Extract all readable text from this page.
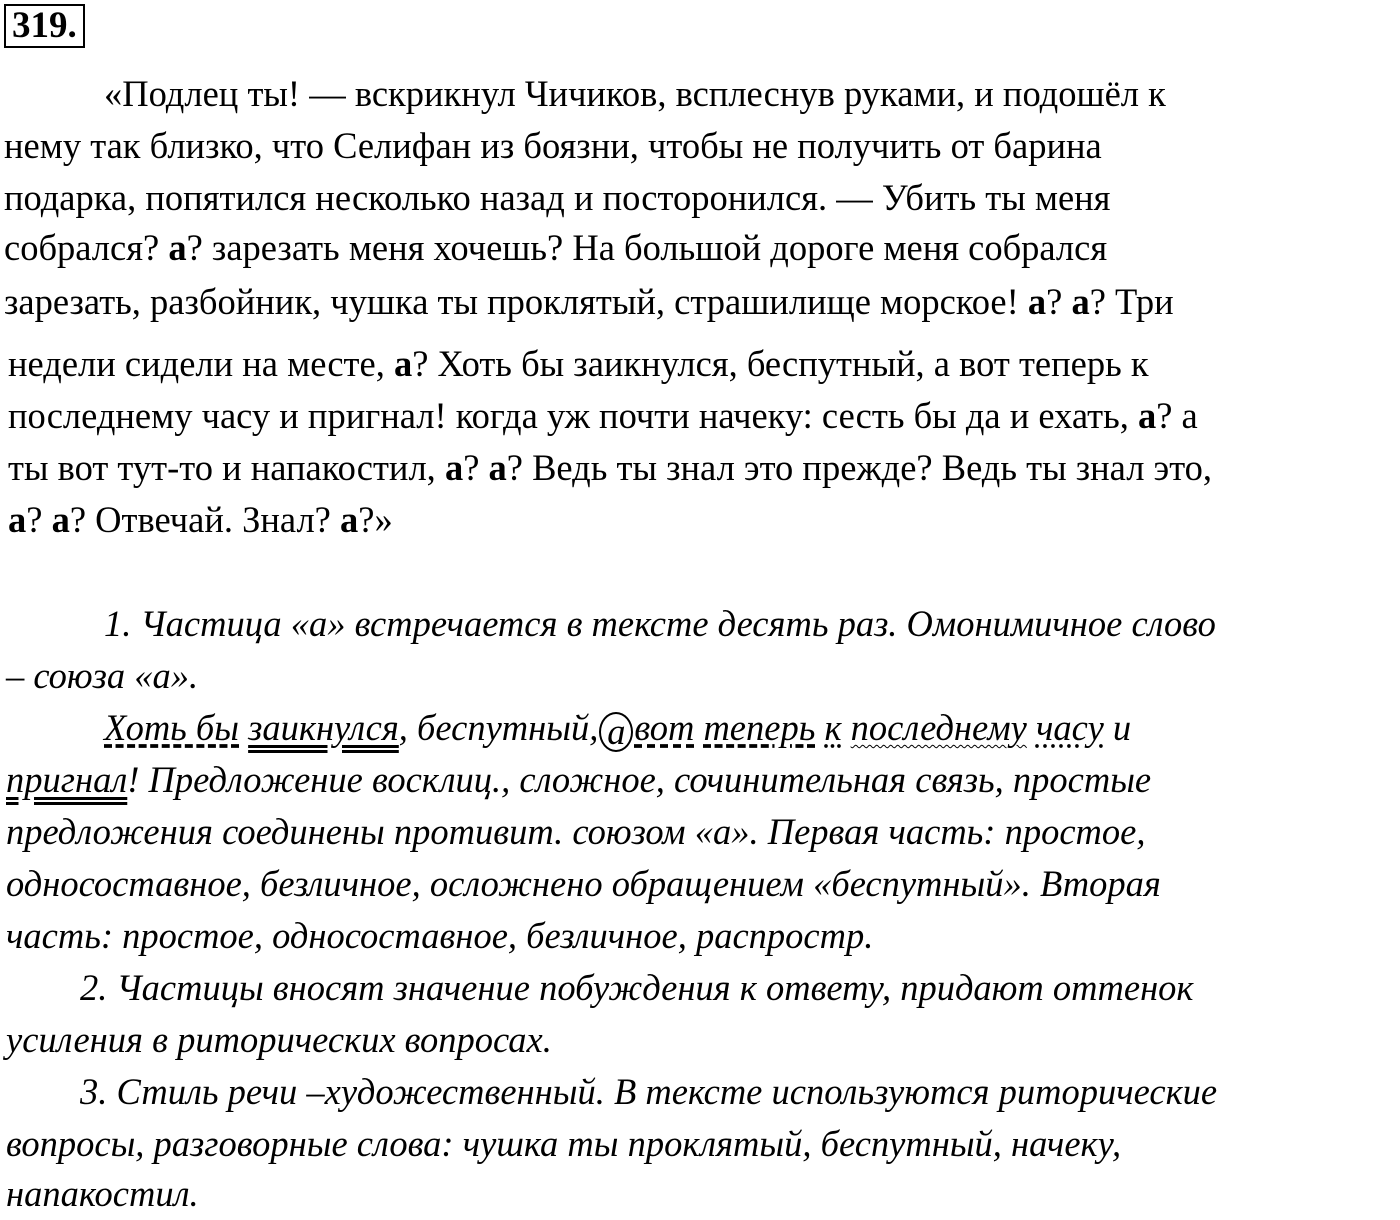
319.
«Подлец ты! — вскрикнул Чичиков, всплеснув руками, и подошёл к
нему так близко, что Селифан из боязни, чтобы не получить от барина
подарка, попятился несколько назад и посторонился. — Убить ты меня
собрался? а? зарезать меня хочешь? На большой дороге меня собрался
зарезать, разбойник, чушка ты проклятый, страшилище морское! а? а? Три
недели сидели на месте, а? Хоть бы заикнулся, беспутный, а вот теперь к
последнему часу и пригнал! когда уж почти начеку: сесть бы да и ехать, а? а
ты вот тут-то и напакостил, а? а? Ведь ты знал это прежде? Ведь ты знал это,
а? а? Отвечай. Знал? а?»
1. Частица «а» встречается в тексте десять раз. Омонимичное слово
– союза «а».
Хоть бы заикнулся, беспутный, а вот теперь к последнему часу и
пригнал! Предложение восклиц., сложное, сочинительная связь, простые
предложения соединены противит. союзом «а». Первая часть: простое,
односоставное, безличное, осложнено обращением «беспутный». Вторая
часть: простое, односоставное, безличное, распростр.
2. Частицы вносят значение побуждения к ответу, придают оттенок
усиления в риторических вопросах.
3. Стиль речи –художественный. В тексте используются риторические
вопросы, разговорные слова: чушка ты проклятый, беспутный, начеку,
напакостил.
